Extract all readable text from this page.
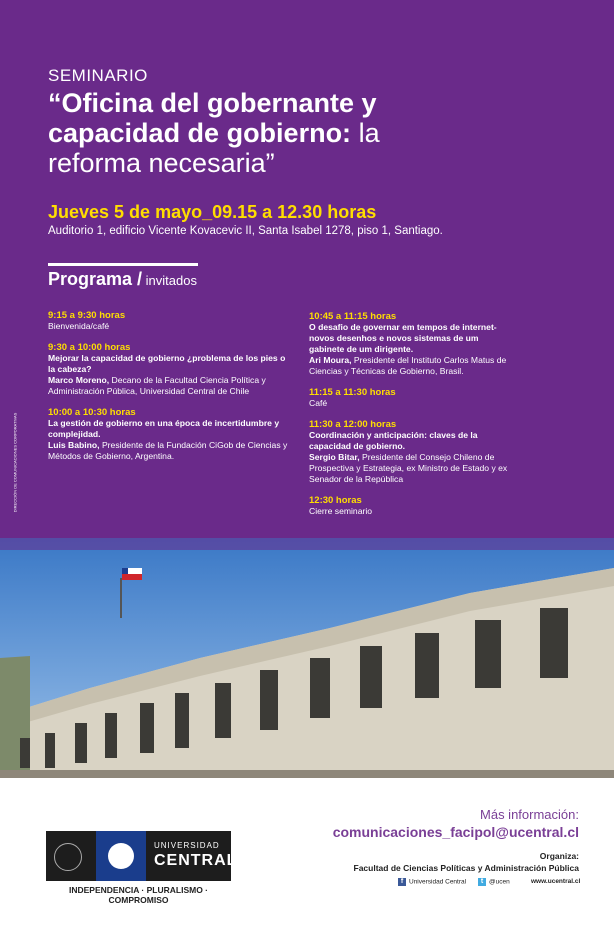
SEMINARIO
“Oficina del gobernante y
capacidad de gobierno: la
reforma necesaria”
Jueves 5 de mayo_09.15 a 12.30 horas
Auditorio 1, edificio Vicente Kovacevic II, Santa Isabel 1278, piso 1, Santiago.
Programa / invitados
DIRECCIÓN DE COMUNICACIONES CORPORATIVAS
9:15 a 9:30 horas
Bienvenida/café
9:30 a 10:00 horas
Mejorar la capacidad de gobierno ¿problema de los pies o la cabeza?
Marco Moreno, Decano de la Facultad Ciencia Política y Administración Pública, Universidad Central de Chile
10:00 a 10:30 horas
La gestión de gobierno en una época de incertidumbre y complejidad.
Luis Babino, Presidente de la Fundación CiGob de Ciencias y Métodos de Gobierno, Argentina.
10:45 a 11:15 horas
O desafio de governar em tempos de internet-novos desenhos e novos sistemas de um gabinete de um dirigente.
Ari Moura, Presidente del Instituto Carlos Matus de Ciencias y Técnicas de Gobierno, Brasil.
11:15 a 11:30 horas
Café
11:30 a 12:00 horas
Coordinación y anticipación: claves de la capacidad de gobierno.
Sergio Bitar, Presidente del Consejo Chileno de Prospectiva y Estrategia, ex Ministro de Estado y ex Senador de la República
12:30 horas
Cierre seminario
UNIVERSIDAD
CENTRAL
INDEPENDENCIA · PLURALISMO · COMPROMISO
Más información:
comunicaciones_facipol@ucentral.cl
Organiza:
Facultad de Ciencias Políticas y Administración Pública
f Universidad Central	t @ucen	www.ucentral.cl
